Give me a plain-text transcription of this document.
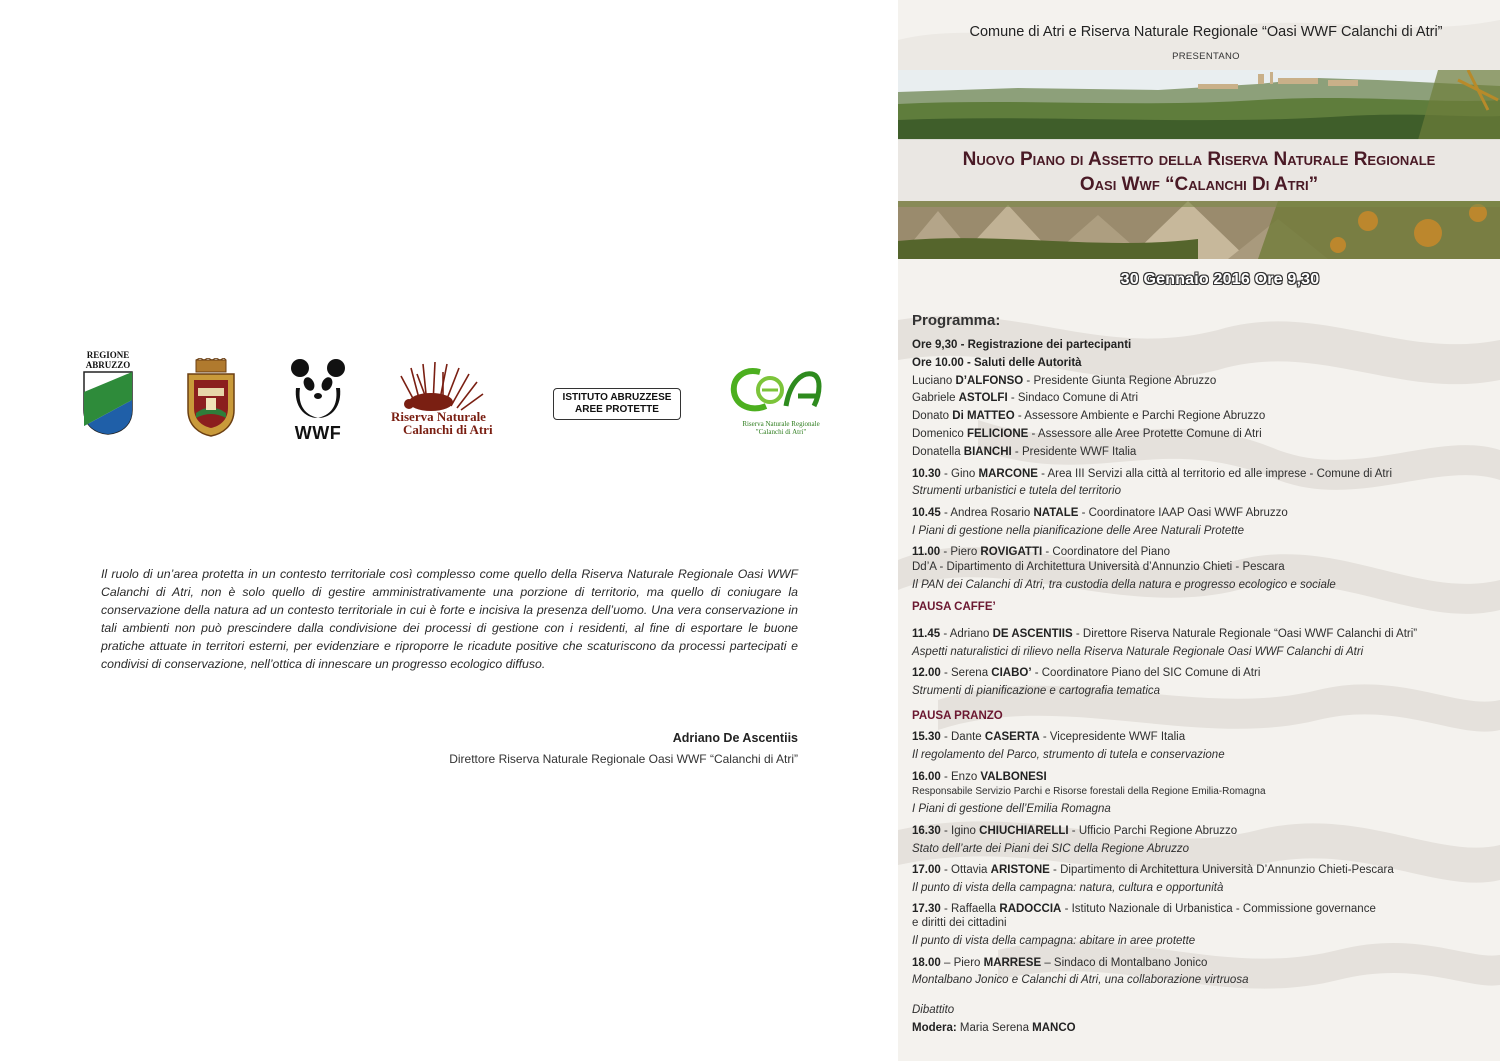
REGIONE
ABRUZZO
WWF
Riserva Naturale
Calanchi di Atri
ISTITUTO ABRUZZESE
AREE PROTETTE
Riserva Naturale Regionale
"Calanchi di Atri"
Il ruolo di un’area protetta in un contesto territoriale così complesso come quello della Riserva Naturale Regionale Oasi WWF Calanchi di Atri, non è solo quello di gestire amministrativamente una porzione di territorio, ma quello di coniugare la conservazione della natura ad un contesto territoriale in cui è forte e incisiva la presenza dell’uomo. Una vera conservazione in tali ambienti non può prescindere dalla condivisione dei processi di gestione con i residenti, al fine di esportare le buone pratiche attuate in territori esterni, per evidenziare e riproporre le ricadute positive che scaturiscono da processi partecipati e condivisi di conservazione, nell’ottica di innescare un progresso ecologico diffuso.
Adriano De Ascentiis
Direttore Riserva Naturale Regionale Oasi WWF “Calanchi di Atri”
Comune di Atri e Riserva Naturale Regionale “Oasi WWF Calanchi di Atri”
PRESENTANO
Nuovo Piano di Assetto della Riserva Naturale Regionale
Oasi Wwf “Calanchi Di Atri”
30 Gennaio 2016 Ore 9,30
Programma:
Ore 9,30 - Registrazione dei partecipanti
Ore 10.00 - Saluti delle Autorità
Luciano D’ALFONSO - Presidente Giunta Regione Abruzzo
Gabriele ASTOLFI - Sindaco Comune di Atri
Donato Di MATTEO - Assessore Ambiente e Parchi Regione Abruzzo
Domenico FELICIONE - Assessore alle Aree Protette Comune di Atri
Donatella BIANCHI - Presidente WWF Italia
10.30 - Gino MARCONE - Area III Servizi alla città al territorio ed alle imprese - Comune di Atri
Strumenti urbanistici e tutela del territorio
10.45 - Andrea Rosario NATALE - Coordinatore IAAP Oasi WWF Abruzzo
I Piani di gestione nella pianificazione delle Aree Naturali Protette
11.00 - Piero ROVIGATTI - Coordinatore del Piano
Dd’A - Dipartimento di Architettura Università d’Annunzio Chieti - Pescara
Il PAN dei Calanchi di Atri, tra custodia della natura e progresso ecologico e sociale
PAUSA CAFFE’
11.45 - Adriano DE ASCENTIIS - Direttore Riserva Naturale Regionale “Oasi WWF Calanchi di Atri”
Aspetti naturalistici di rilievo nella Riserva Naturale Regionale Oasi WWF Calanchi di Atri
12.00 - Serena CIABO’ - Coordinatore Piano del SIC Comune di Atri
Strumenti di pianificazione e cartografia tematica
PAUSA PRANZO
15.30 - Dante CASERTA - Vicepresidente WWF Italia
Il regolamento del Parco, strumento di tutela e conservazione
16.00 - Enzo VALBONESI
Responsabile Servizio Parchi e Risorse forestali della Regione Emilia-Romagna
I Piani di gestione dell’Emilia Romagna
16.30 - Igino CHIUCHIARELLI - Ufficio Parchi Regione Abruzzo
Stato dell’arte dei Piani dei SIC della Regione Abruzzo
17.00 - Ottavia ARISTONE - Dipartimento di Architettura Università D’Annunzio Chieti-Pescara
Il punto di vista della campagna: natura, cultura e opportunità
17.30 - Raffaella RADOCCIA - Istituto Nazionale di Urbanistica - Commissione governance
e diritti dei cittadini
Il punto di vista della campagna: abitare in aree protette
18.00 – Piero MARRESE – Sindaco di Montalbano Jonico
Montalbano Jonico e Calanchi di Atri, una collaborazione virtruosa
Dibattito
Modera: Maria Serena MANCO
